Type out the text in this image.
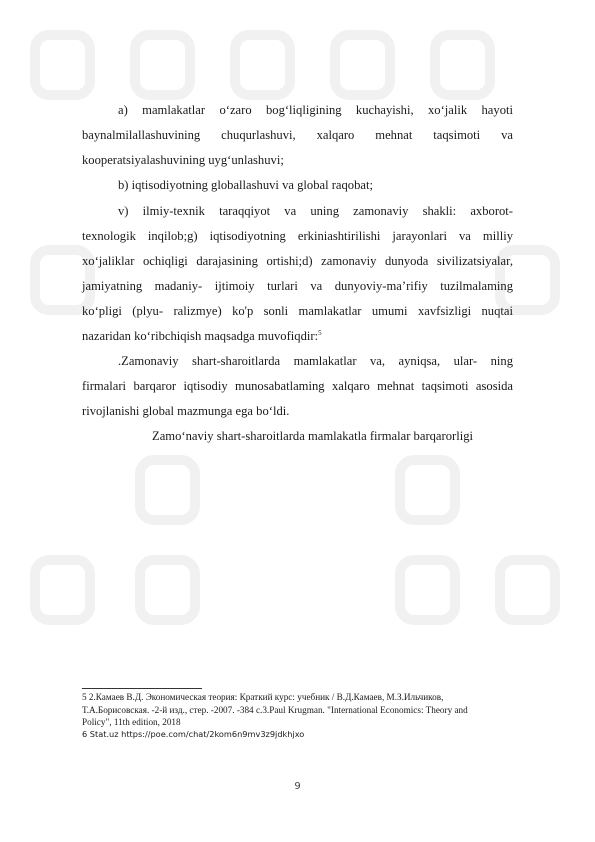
a) mamlakatlar o‘zaro bog‘liqligining kuchayishi, xo‘jalik hayoti
baynalmilallashuvining chuqurlashuvi, xalqaro mehnat taqsimoti va
kooperatsiyalashuvining uyg‘unlashuvi;
b) iqtisodiyotning globallashuvi va global raqobat;
v) ilmiy-texnik taraqqiyot va uning zamonaviy shakli: axborot-
texnologik inqilob;g) iqtisodiyotning erkiniashtirilishi jarayonlari va milliy
xo‘jaliklar ochiqligi darajasining ortishi;d) zamonaviy dunyoda sivilizatsiyalar,
jamiyatning madaniy- ijtimoiy turlari va dunyoviy-ma’rifiy tuzilmalaming
ko‘pligi (plyu- ralizmye) ko'p sonli mamlakatlar umumi xavfsizligi nuqtai
nazaridan ko‘ribchiqish maqsadga muvofiqdir:$^5$
.Zamonaviy shart-sharoitlarda mamlakatlar va, ayniqsa, ular- ning
firmalari barqaror iqtisodiy munosabatlaming xalqaro mehnat taqsimoti asosida
rivojlanishi global mazmunga ega bo‘ldi.
Zamoʻnaviy shart-sharoitlarda mamlakatla firmalar barqarorligi
5 2.Камаев В.Д. Экономическая теория: Краткий курс: учебник / В.Д.Камаев, М.З.Ильчиков,
Т.А.Борисовская. -2-й изд., стер. -2007. -384 с.3.Paul Krugman. "International Economics: Theory and
Policy", 11th edition, 2018
6 Stat.uz https://poe.com/chat/2kom6n9mv3z9jdkhjxo
9
